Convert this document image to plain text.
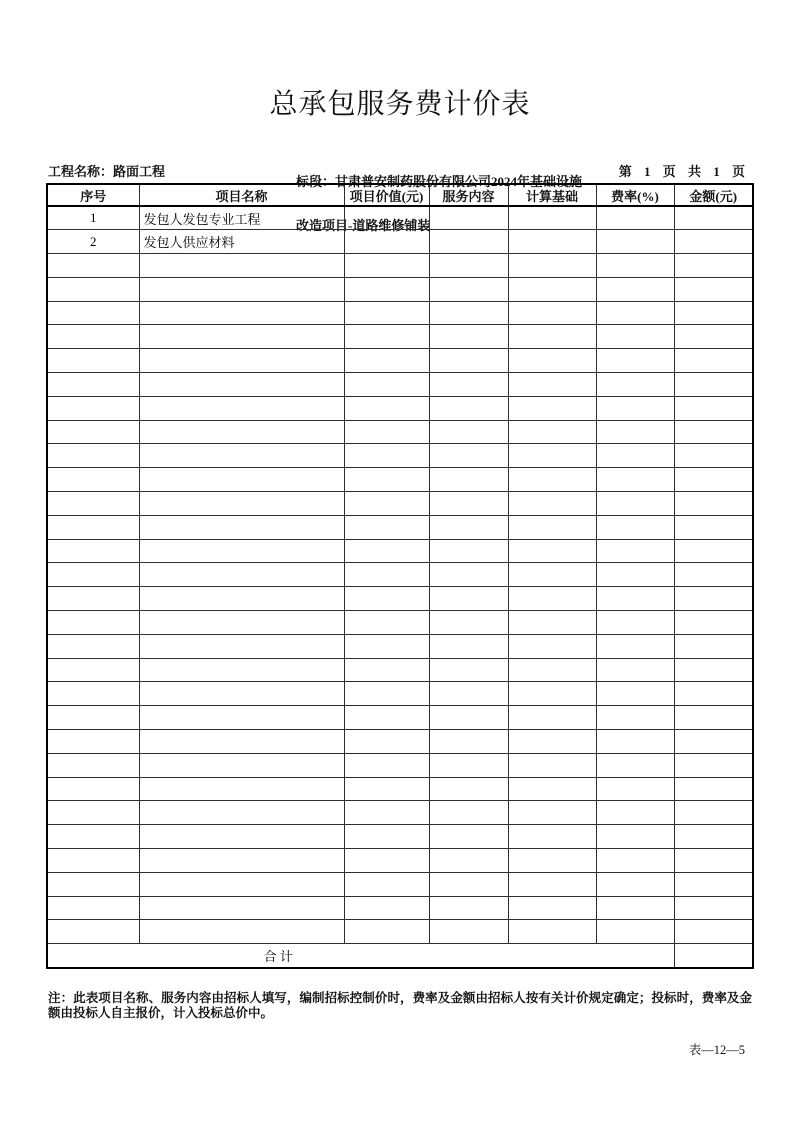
总承包服务费计价表
工程名称：路面工程

标段：甘肃普安制药股份有限公司2024年基础设施

改造项目-道路维修铺装

第 1 页 共 1 页
序号	项目名称	项目价值(元)	服务内容	计算基础	费率(%)	金额(元)
1	发包人发包专业工程					
2	发包人供应材料					

合 计						
注：此表项目名称、服务内容由招标人填写，编制招标控制价时，费率及金额由招标人按有关计价规定确定；投标时，费率及金额由投标人自主报价，计入投标总价中。
表—12—5
